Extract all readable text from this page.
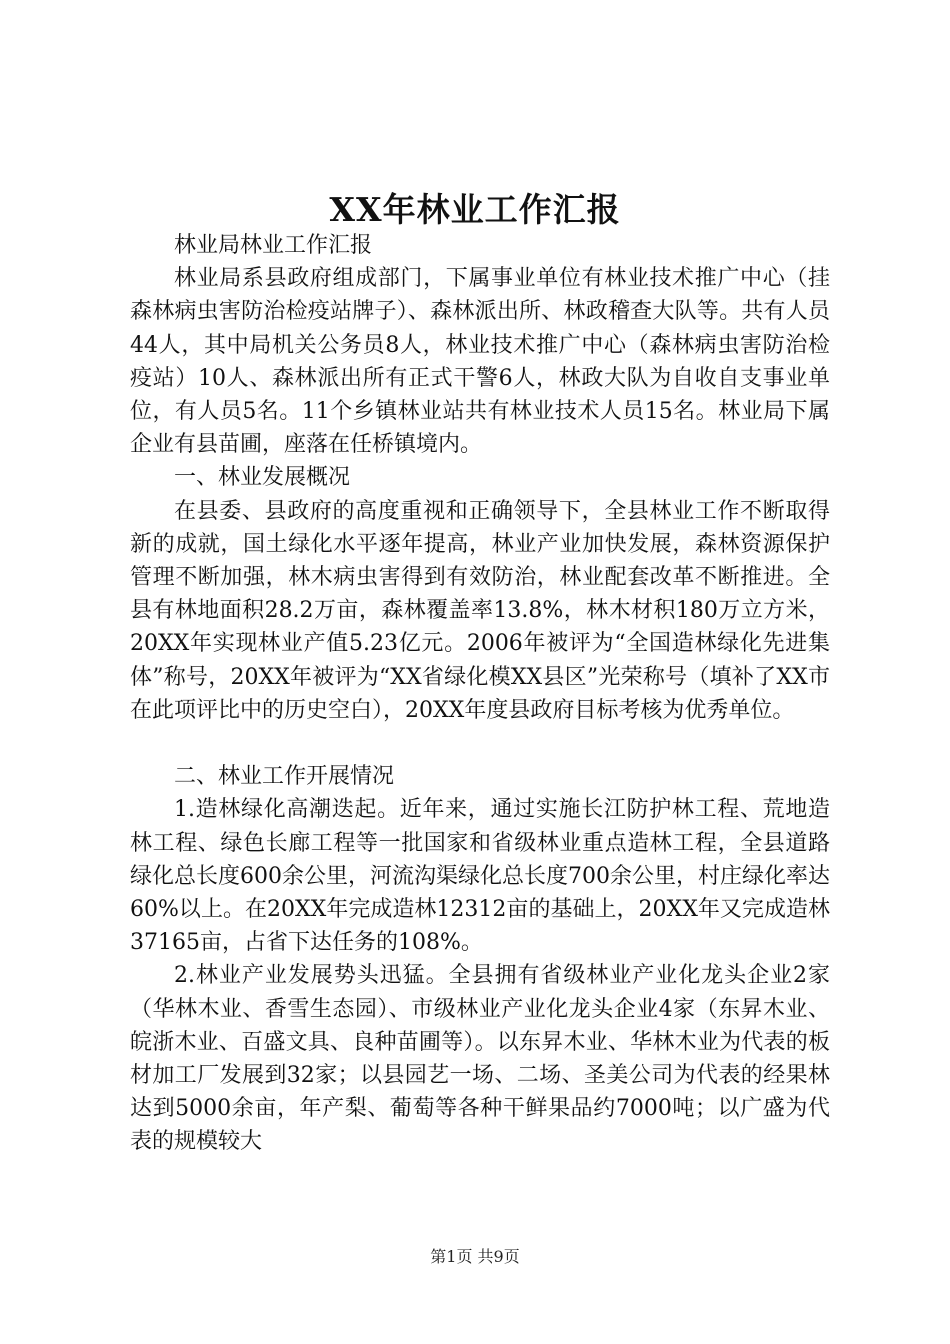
XX年林业工作汇报

林业局林业工作汇报

林业局系县政府组成部门，下属事业单位有林业技术推广中心（挂森林病虫害防治检疫站牌子）、森林派出所、林政稽查大队等。共有人员44人，其中局机关公务员8人，林业技术推广中心（森林病虫害防治检疫站）10人、森林派出所有正式干警6人，林政大队为自收自支事业单位，有人员5名。11个乡镇林业站共有林业技术人员15名。林业局下属企业有县苗圃，座落在任桥镇境内。

一、林业发展概况

在县委、县政府的高度重视和正确领导下，全县林业工作不断取得新的成就，国土绿化水平逐年提高，林业产业加快发展，森林资源保护管理不断加强，林木病虫害得到有效防治，林业配套改革不断推进。全县有林地面积28.2万亩，森林覆盖率13.8%，林木材积180万立方米，20XX年实现林业产值5.23亿元。2006年被评为“全国造林绿化先进集体”称号，20XX年被评为“XX省绿化模XX县区”光荣称号（填补了XX市在此项评比中的历史空白），20XX年度县政府目标考核为优秀单位。

二、林业工作开展情况

1.造林绿化高潮迭起。近年来，通过实施长江防护林工程、荒地造林工程、绿色长廊工程等一批国家和省级林业重点造林工程，全县道路绿化总长度600余公里，河流沟渠绿化总长度700余公里，村庄绿化率达60%以上。在20XX年完成造林12312亩的基础上，20XX年又完成造林37165亩，占省下达任务的108%。

2.林业产业发展势头迅猛。全县拥有省级林业产业化龙头企业2家（华林木业、香雪生态园）、市级林业产业化龙头企业4家（东昇木业、皖浙木业、百盛文具、良种苗圃等）。以东昇木业、华林木业为代表的板材加工厂发展到32家；以县园艺一场、二场、圣美公司为代表的经果林达到5000余亩，年产梨、葡萄等各种干鲜果品约7000吨；以广盛为代表的规模较大

第1页 共9页
